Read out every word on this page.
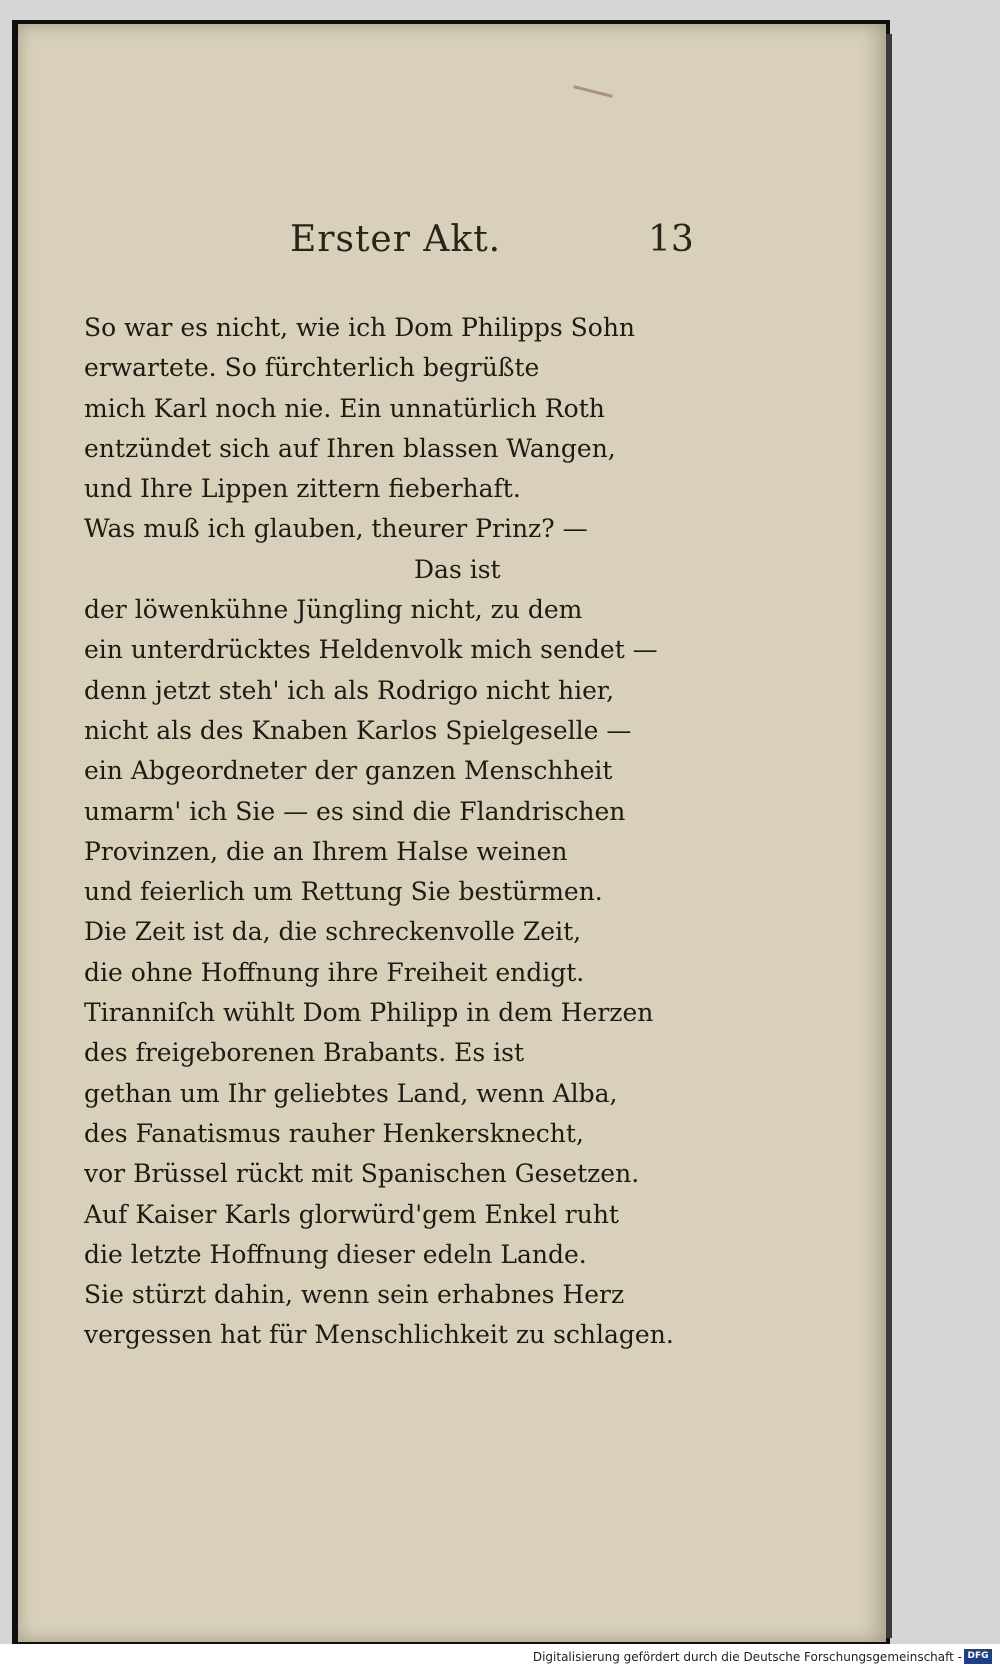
Erster Akt.	13
So war es nicht, wie ich Dom Philipps Sohn
erwartete. So fürchterlich begrüßte
mich Karl noch nie. Ein unnatürlich Roth
entzündet sich auf Ihren blassen Wangen,
und Ihre Lippen zittern fieberhaft.
Was muß ich glauben, theurer Prinz? —
Das ist
der löwenkühne Jüngling nicht, zu dem
ein unterdrücktes Heldenvolk mich sendet —
denn jetzt steh' ich als Rodrigo nicht hier,
nicht als des Knaben Karlos Spielgeselle —
ein Abgeordneter der ganzen Menschheit
umarm' ich Sie — es sind die Flandrischen
Provinzen, die an Ihrem Halse weinen
und feierlich um Rettung Sie bestürmen.
Die Zeit ist da, die schreckenvolle Zeit,
die ohne Hoffnung ihre Freiheit endigt.
Tiranniſch wühlt Dom Philipp in dem Herzen
des freigeborenen Brabants. Es ist
gethan um Ihr geliebtes Land, wenn Alba,
des Fanatismus rauher Henkersknecht,
vor Brüssel rückt mit Spanischen Gesetzen.
Auf Kaiser Karls glorwürd'gem Enkel ruht
die letzte Hoffnung dieser edeln Lande.
Sie stürzt dahin, wenn sein erhabnes Herz
vergessen hat für Menschlichkeit zu schlagen.
Digitalisierung gefördert durch die Deutsche Forschungsgemeinschaft - DFG
